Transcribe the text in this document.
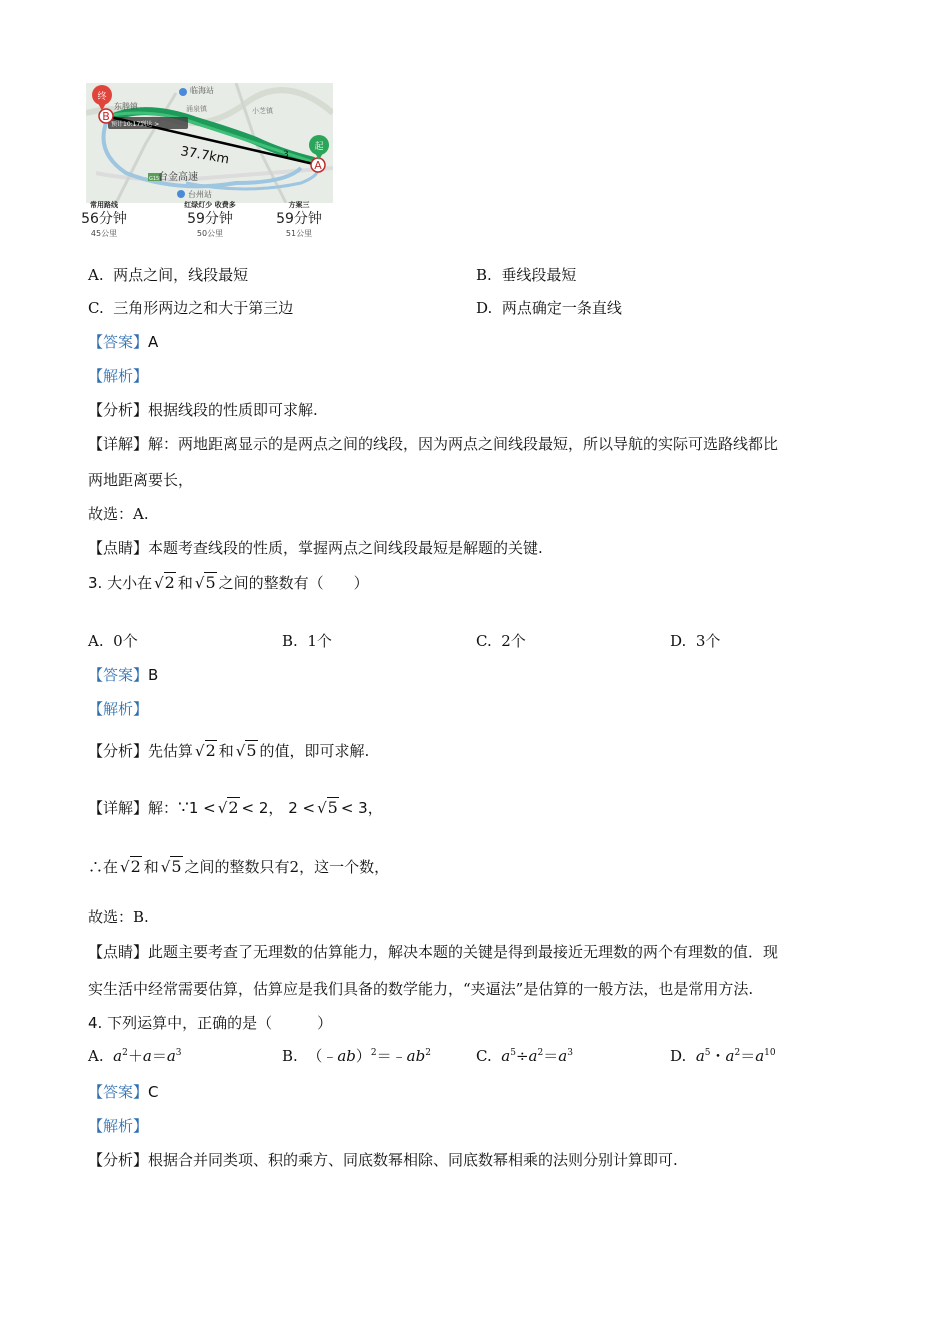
终
起
B
A
临海站
东塍镇	涌泉镇	小芝镇
预计10:17到达 >
37.7km	3
台金高速
G15
台州站
常用路线
56分钟
45公里
红绿灯少 收费多
59分钟
50公里
方案三
59分钟
51公里
A. 两点之间，线段最短	B. 垂线段最短
C. 三角形两边之和大于第三边	D. 两点确定一条直线
【答案】A
【解析】
【分析】根据线段的性质即可求解.
【详解】解：两地距离显示的是两点之间的线段，因为两点之间线段最短，所以导航的实际可选路线都比
两地距离要长，
故选：A.
【点睛】本题考查线段的性质，掌握两点之间线段最短是解题的关键.
3. 大小在 √2 和 √5 之间的整数有（　　）
A. 0个	B. 1个	C. 2个	D. 3个
【答案】B
【解析】
【分析】先估算 √2 和 √5 的值，即可求解.
【详解】解：∵1 < √2 < 2， 2 < √5 < 3，
∴在 √2 和 √5 之间的整数只有2，这一个数，
故选：B.
【点睛】此题主要考查了无理数的估算能力，解决本题的关键是得到最接近无理数的两个有理数的值．现
实生活中经常需要估算，估算应是我们具备的数学能力，“夹逼法”是估算的一般方法，也是常用方法.
4. 下列运算中，正确的是（　　　）
A. $a^2+a=a^3$	B. $(﹣ab)^2=﹣ab^2$	C. $a^5\div a^2=a^3$	D. $a^5$・$a^2=a^{10}$
【答案】C
【解析】
【分析】根据合并同类项、积的乘方、同底数幂相除、同底数幂相乘的法则分别计算即可.
